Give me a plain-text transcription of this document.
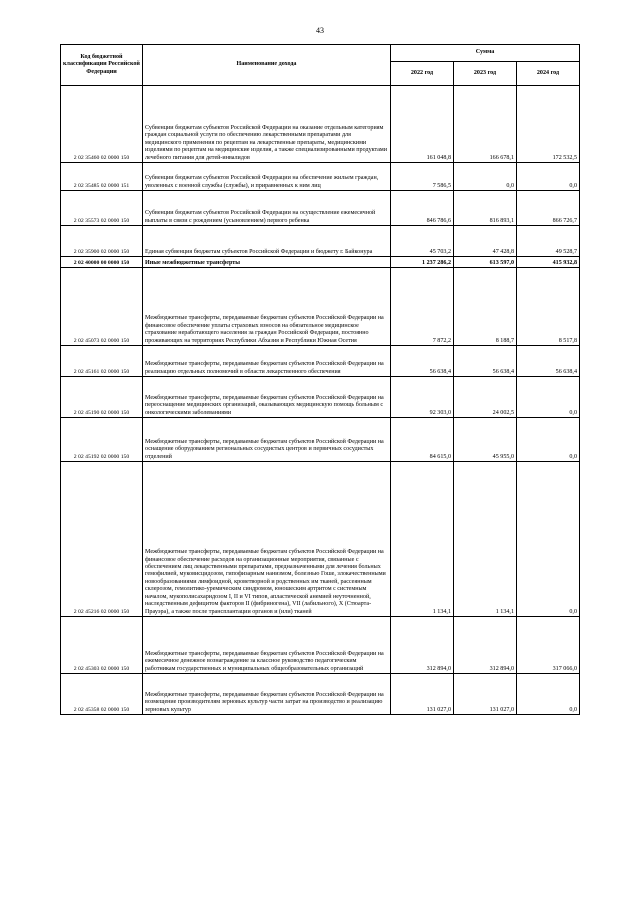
43
Код бюджетной классификации Российской Федерации	Наименование дохода	Сумма		
		2022 год	2023 год	2024 год
2 02 35460 02 0000 150	Субвенции бюджетам субъектов Российской Федерации на оказание отдельным категориям граждан социальной услуги по обеспечению лекарственными препаратами для медицинского применения по рецептам на лекарственные препараты, медицинскими изделиями по рецептам на медицинские изделия, а также специализированными продуктами лечебного питания для детей-инвалидов	161 048,8	166 678,1	172 532,5
2 02 35485 02 0000 151	Субвенции бюджетам субъектов Российской Федерации на обеспечение жильем граждан, уволенных с военной службы (службы), и приравненных к ним лиц	7 586,5	0,0	0,0
2 02 35573 02 0000 150	Субвенции бюджетам субъектов Российской Федерации на осуществление ежемесячной выплаты в связи с рождением (усыновлением) первого ребенка	846 786,6	816 893,1	866 726,7
2 02 35900 02 0000 150	Единая субвенция бюджетам субъектов Российской Федерации и бюджету г. Байконура	45 703,2	47 428,8	49 528,7
2 02 40000 00 0000 150	Иные межбюджетные трансферты	1 237 286,2	613 597,0	415 932,8
2 02 45073 02 0000 150	Межбюджетные трансферты, передаваемые бюджетам субъектов Российской Федерации на финансовое обеспечение уплаты страховых взносов на обязательное медицинское страхование неработающего населения за граждан Российской Федерации, постоянно проживающих на территориях Республики Абхазия и Республики Южная Осетия	7 872,2	8 188,7	8 517,8
2 02 45161 02 0000 150	Межбюджетные трансферты, передаваемые бюджетам субъектов Российской Федерации на реализацию отдельных полномочий в области лекарственного обеспечения	56 638,4	56 638,4	56 638,4
2 02 45190 02 0000 150	Межбюджетные трансферты, передаваемые бюджетам субъектов Российской Федерации на переоснащение медицинских организаций, оказывающих медицинскую помощь больным с онкологическими заболеваниями	92 303,0	24 002,5	0,0
2 02 45192 02 0000 150	Межбюджетные трансферты, передаваемые бюджетам субъектов Российской Федерации на оснащение оборудованием региональных сосудистых центров и первичных сосудистых отделений	84 615,0	45 955,0	0,0
2 02 45216 02 0000 150	Межбюджетные трансферты, передаваемые бюджетам субъектов Российской Федерации на финансовое обеспечение расходов на организационные мероприятия, связанные с обеспечением лиц лекарственными препаратами, предназначенными для лечения больных гемофилией, муковисцидозом, гипофизарным нанизмом, болезнью Гоше, злокачественными новообразованиями лимфоидной, кроветворной и родственных им тканей, рассеянным склерозом, гемолитико-уремическим синдромом, юношеским артритом с системным началом, мукополисахаридозом I, II и VI типов, апластической анемией неуточненной, наследственным дефицитом факторов II (фибриногена), VII (лабильного), X (Стюарта-Прауэра), а также после трансплантации органов и (или) тканей	1 134,1	1 134,1	0,0
2 02 45303 02 0000 150	Межбюджетные трансферты, передаваемые бюджетам субъектов Российской Федерации на ежемесячное денежное вознаграждение за классное руководство педагогическим работникам государственных и муниципальных общеобразовательных организаций	312 894,0	312 894,0	317 066,0
2 02 45358 02 0000 150	Межбюджетные трансферты, передаваемые бюджетам субъектов Российской Федерации на возмещение производителям зерновых культур части затрат на производство и реализацию зерновых культур	131 027,0	131 027,0	0,0
